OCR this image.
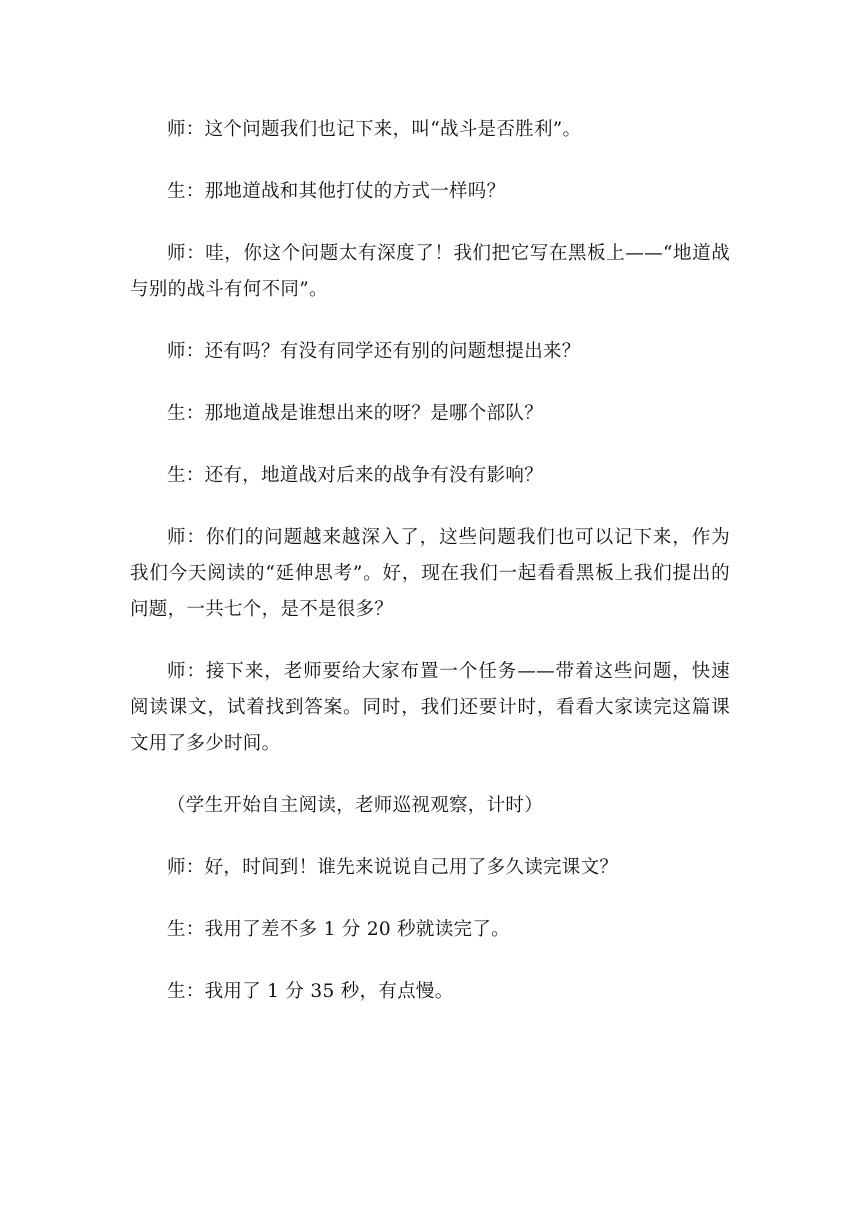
师：这个问题我们也记下来，叫“战斗是否胜利”。

生：那地道战和其他打仗的方式一样吗？

师：哇，你这个问题太有深度了！我们把它写在黑板上——“地道战与别的战斗有何不同”。

师：还有吗？有没有同学还有别的问题想提出来？

生：那地道战是谁想出来的呀？是哪个部队？

生：还有，地道战对后来的战争有没有影响？

师：你们的问题越来越深入了，这些问题我们也可以记下来，作为我们今天阅读的“延伸思考”。好，现在我们一起看看黑板上我们提出的问题，一共七个，是不是很多？

师：接下来，老师要给大家布置一个任务——带着这些问题，快速阅读课文，试着找到答案。同时，我们还要计时，看看大家读完这篇课文用了多少时间。

（学生开始自主阅读，老师巡视观察，计时）

师：好，时间到！谁先来说说自己用了多久读完课文？

生：我用了差不多 1 分 20 秒就读完了。

生：我用了 1 分 35 秒，有点慢。
